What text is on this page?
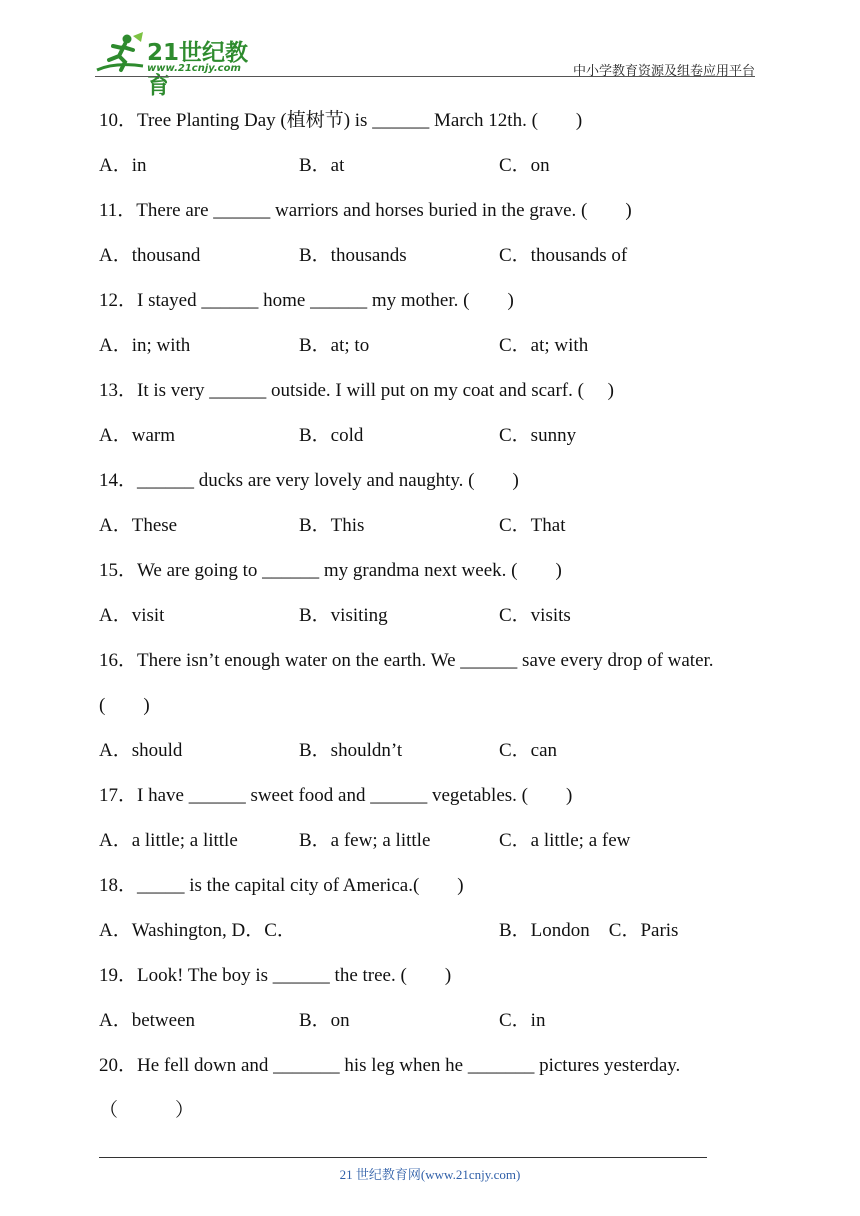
21世纪教育
www.21cnjy.com	中小学教育资源及组卷应用平台
10．Tree Planting Day (植树节) is ______ March 12th. (　　)
A．in	B．at	C．on
11．There are ______ warriors and horses buried in the grave. (　　)
A．thousand	B．thousands	C．thousands of
12．I stayed ______ home ______ my mother. (　　)
A．in; with	B．at; to	C．at; with
13．It is very ______ outside. I will put on my coat and scarf. (　 )
A．warm	B．cold	C．sunny
14．______ ducks are very lovely and naughty. (　　)
A．These	B．This	C．That
15．We are going to ______ my grandma next week. (　　)
A．visit	B．visiting	C．visits
16．There isn’t enough water on the earth. We ______ save every drop of water.
(　　)
A．should	B．shouldn’t	C．can
17．I have ______ sweet food and ______ vegetables. (　　)
A．a little; a little	B．a few; a little	C．a little; a few
18．_____ is the capital city of America.(　　)
A．Washington, D．C．	B．London　C．Paris
19．Look! The boy is ______ the tree. (　　)
A．between	B．on	C．in
20．He fell down and _______ his leg when he _______ pictures yesterday.
（　　　）
21 世纪教育网(www.21cnjy.com)
